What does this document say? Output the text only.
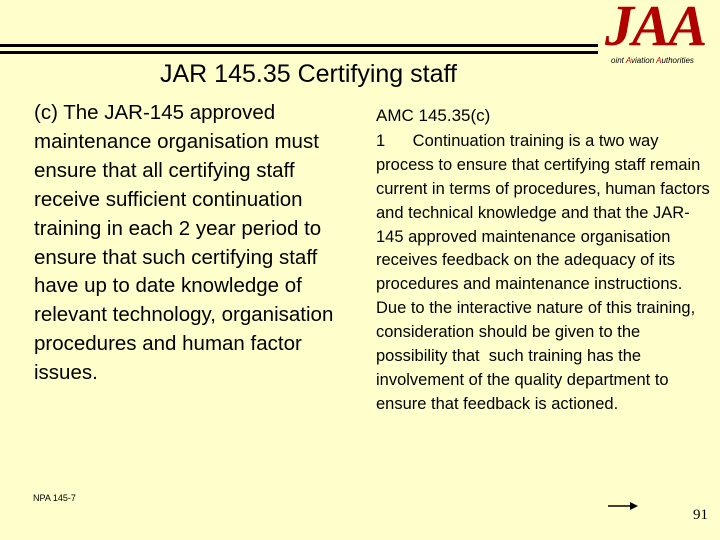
JAA
oint Aviation Authorities
JAR 145.35 Certifying staff
(c) The JAR-145 approved maintenance organisation must ensure that all certifying staff receive sufficient continuation training in each 2 year period to ensure that such certifying staff have up to date knowledge of relevant technology, organisation procedures and human factor issues.
AMC 145.35(c)
1      Continuation training is a two way process to ensure that certifying staff remain current in terms of procedures, human factors and technical knowledge and that the JAR-145 approved maintenance organisation receives feedback on the adequacy of its procedures and maintenance instructions. Due to the interactive nature of this training, consideration should be given to the possibility that  such training has the involvement of the quality department to ensure that feedback is actioned.
NPA 145-7
91
